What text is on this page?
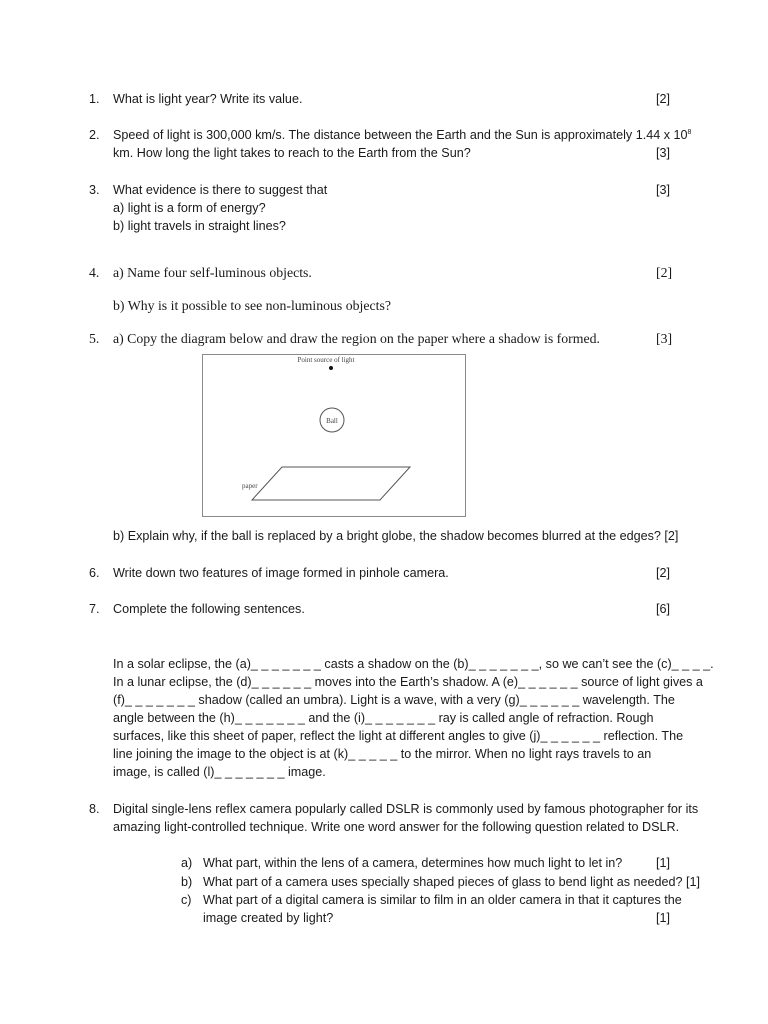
1. What is light year? Write its value.	[2]
2. Speed of light is 300,000 km/s. The distance between the Earth and the Sun is approximately 1.44 x $10^8$
km. How long the light takes to reach to the Earth from the Sun?	[3]
3. What evidence is there to suggest that	[3]
a) light is a form of energy?
b) light travels in straight lines?
4. a) Name four self-luminous objects.	[2]
b) Why is it possible to see non-luminous objects?
5. a) Copy the diagram below and draw the region on the paper where a shadow is formed.	[3]
Point source of light
Ball
paper
b) Explain why, if the ball is replaced by a bright globe, the shadow becomes blurred at the edges? [2]
6. Write down two features of image formed in pinhole camera.	[2]
7. Complete the following sentences.	[6]
In a solar eclipse, the (a)_ _ _ _ _ _ _ casts a shadow on the (b)_ _ _ _ _ _ _, so we can’t see the (c)_ _ _ _.
In a lunar eclipse, the (d)_ _ _ _ _ _ moves into the Earth’s shadow. A (e)_ _ _ _ _ _ source of light gives a
(f)_ _ _ _ _ _ _ shadow (called an umbra). Light is a wave, with a very (g)_ _ _ _ _ _ wavelength. The
angle between the (h)_ _ _ _ _ _ _ and the (i)_ _ _ _ _ _ _ ray is called angle of refraction. Rough
surfaces, like this sheet of paper, reflect the light at different angles to give (j)_ _ _ _ _ _ reflection. The
line joining the image to the object is at (k)_ _ _ _ _ to the mirror. When no light rays travels to an
image, is called (l)_ _ _ _ _ _ _ image.
8. Digital single-lens reflex camera popularly called DSLR is commonly used by famous photographer for its
amazing light-controlled technique. Write one word answer for the following question related to DSLR.
a) What part, within the lens of a camera, determines how much light to let in?	[1]
b) What part of a camera uses specially shaped pieces of glass to bend light as needed? [1]
c) What part of a digital camera is similar to film in an older camera in that it captures the
image created by light?	[1]
